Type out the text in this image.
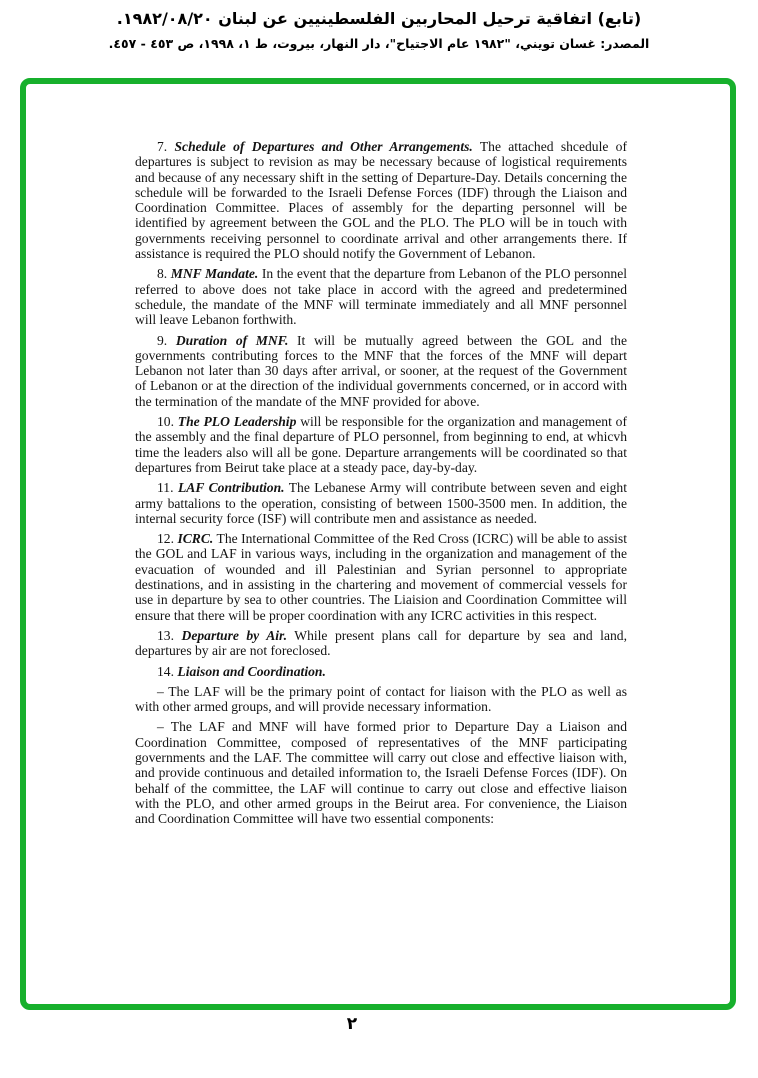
(تابع) اتفاقية ترحيل المحاربين الفلسطينيين عن لبنان ١٩٨٢/٠٨/٢٠.
المصدر: غسان تويني، "١٩٨٢ عام الاجتياح"، دار النهار، بيروت، ط ١، ١٩٩٨، ص ٤٥٣ - ٤٥٧.

7. Schedule of Departures and Other Arrangements. The attached shcedule of departures is subject to revision as may be necessary because of logistical requirements and because of any necessary shift in the setting of Departure-Day. Details concerning the schedule will be forwarded to the Israeli Defense Forces (IDF) through the Liaison and Coordination Committee. Places of assembly for the departing personnel will be identified by agreement between the GOL and the PLO. The PLO will be in touch with governments receiving personnel to coordinate arrival and other arrangements there. If assistance is required the PLO should notify the Government of Lebanon.

8. MNF Mandate. In the event that the departure from Lebanon of the PLO personnel referred to above does not take place in accord with the agreed and predetermined schedule, the mandate of the MNF will terminate immediately and all MNF personnel will leave Lebanon forthwith.

9. Duration of MNF. It will be mutually agreed between the GOL and the governments contributing forces to the MNF that the forces of the MNF will depart Lebanon not later than 30 days after arrival, or sooner, at the request of the Government of Lebanon or at the direction of the individual governments concerned, or in accord with the termination of the mandate of the MNF provided for above.

10. The PLO Leadership will be responsible for the organization and management of the assembly and the final departure of PLO personnel, from beginning to end, at whicvh time the leaders also will all be gone. Departure arrangements will be coordinated so that departures from Beirut take place at a steady pace, day-by-day.

11. LAF Contribution. The Lebanese Army will contribute between seven and eight army battalions to the operation, consisting of between 1500-3500 men. In addition, the internal security force (ISF) will contribute men and assistance as needed.

12. ICRC. The International Committee of the Red Cross (ICRC) will be able to assist the GOL and LAF in various ways, including in the organization and management of the evacuation of wounded and ill Palestinian and Syrian personnel to appropriate destinations, and in assisting in the chartering and movement of commercial vessels for use in departure by sea to other countries. The Liaision and Coordination Committee will ensure that there will be proper coordination with any ICRC activities in this respect.

13. Departure by Air. While present plans call for departure by sea and land, departures by air are not foreclosed.

14. Liaison and Coordination.

– The LAF will be the primary point of contact for liaison with the PLO as well as with other armed groups, and will provide necessary information.

– The LAF and MNF will have formed prior to Departure Day a Liaison and Coordination Committee, composed of representatives of the MNF participating governments and the LAF. The committee will carry out close and effective liaison with, and provide continuous and detailed information to, the Israeli Defense Forces (IDF). On behalf of the committee, the LAF will continue to carry out close and effective liaison with the PLO, and other armed groups in the Beirut area. For convenience, the Liaison and Coordination Committee will have two essential components:

٢
